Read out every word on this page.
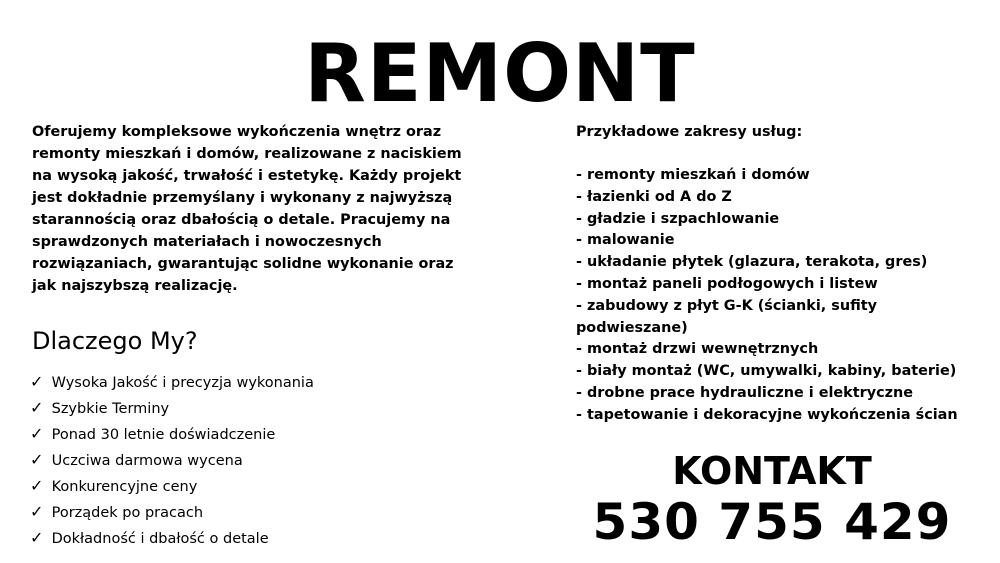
REMONT

Oferujemy kompleksowe wykończenia wnętrz oraz remonty mieszkań i domów, realizowane z naciskiem na wysoką jakość, trwałość i estetykę. Każdy projekt jest dokładnie przemyślany i wykonany z najwyższą starannością oraz dbałością o detale. Pracujemy na sprawdzonych materiałach i nowoczesnych rozwiązaniach, gwarantując solidne wykonanie oraz jak najszybszą realizację.

Dlaczego My?
✓ Wysoka Jakość i precyzja wykonania
✓ Szybkie Terminy
✓ Ponad 30 letnie doświadczenie
✓ Uczciwa darmowa wycena
✓ Konkurencyjne ceny
✓ Porządek po pracach
✓ Dokładność i dbałość o detale
Przykładowe zakresy usług:
- remonty mieszkań i domów
- łazienki od A do Z
- gładzie i szpachlowanie
- malowanie
- układanie płytek (glazura, terakota, gres)
- montaż paneli podłogowych i listew
- zabudowy z płyt G-K (ścianki, sufity podwieszane)
- montaż drzwi wewnętrznych
- biały montaż (WC, umywalki, kabiny, baterie)
- drobne prace hydrauliczne i elektryczne
- tapetowanie i dekoracyjne wykończenia ścian
KONTAKT
530 755 429
